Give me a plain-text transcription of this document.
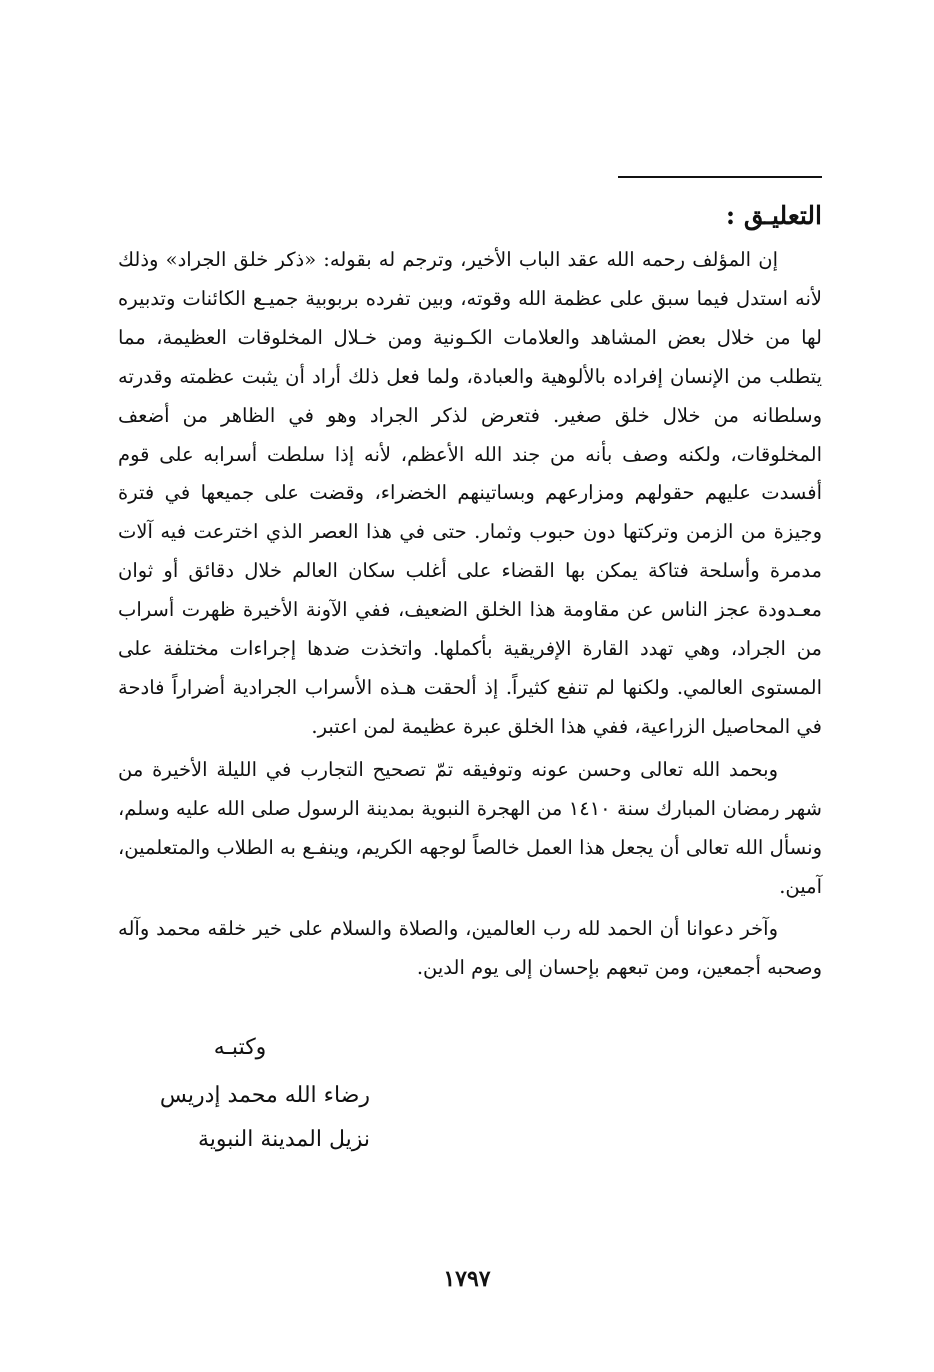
التعليـق :

إن المؤلف رحمه الله عقد الباب الأخير، وترجم له بقوله: «ذكر خلق الجراد» وذلك لأنه استدل فيما سبق على عظمة الله وقوته، وبين تفرده بربوبية جميـع الكائنات وتدبيره لها من خلال بعض المشاهد والعلامات الكـونية ومن خـلال المخلوقات العظيمة، مما يتطلب من الإنسان إفراده بالألوهية والعبادة، ولما فعل ذلك أراد أن يثبت عظمته وقدرته وسلطانه من خلال خلق صغير. فتعرض لذكر الجراد وهو في الظاهر من أضعف المخلوقات، ولكنه وصف بأنه من جند الله الأعظم، لأنه إذا سلطت أسرابه على قوم أفسدت عليهم حقولهم ومزارعهم وبساتينهم الخضراء، وقضت على جميعها في فترة وجيزة من الزمن وتركتها دون حبوب وثمار. حتى في هذا العصر الذي اخترعت فيه آلات مدمرة وأسلحة فتاكة يمكن بها القضاء على أغلب سكان العالم خلال دقائق أو ثوان معـدودة عجز الناس عن مقاومة هذا الخلق الضعيف، ففي الآونة الأخيرة ظهرت أسراب من الجراد، وهي تهدد القارة الإفريقية بأكملها. واتخذت ضدها إجراءات مختلفة على المستوى العالمي. ولكنها لم تنفع كثيراً. إذ ألحقت هـذه الأسراب الجرادية أضراراً فادحة في المحاصيل الزراعية، ففي هذا الخلق عبرة عظيمة لمن اعتبر.

وبحمد الله تعالى وحسن عونه وتوفيقه تمّ تصحيح التجارب في الليلة الأخيرة من شهر رمضان المبارك سنة ١٤١٠ من الهجرة النبوية بمدينة الرسول صلى الله عليه وسلم، ونسأل الله تعالى أن يجعل هذا العمل خالصاً لوجهه الكريم، وينفـع به الطلاب والمتعلمين، آمين.

وآخر دعوانا أن الحمد لله رب العالمين، والصلاة والسلام على خير خلقه محمد وآله وصحبه أجمعين، ومن تبعهم بإحسان إلى يوم الدين.

وكتبـه
رضاء الله محمد إدريس
نزيل المدينة النبوية
١٧٩٧
